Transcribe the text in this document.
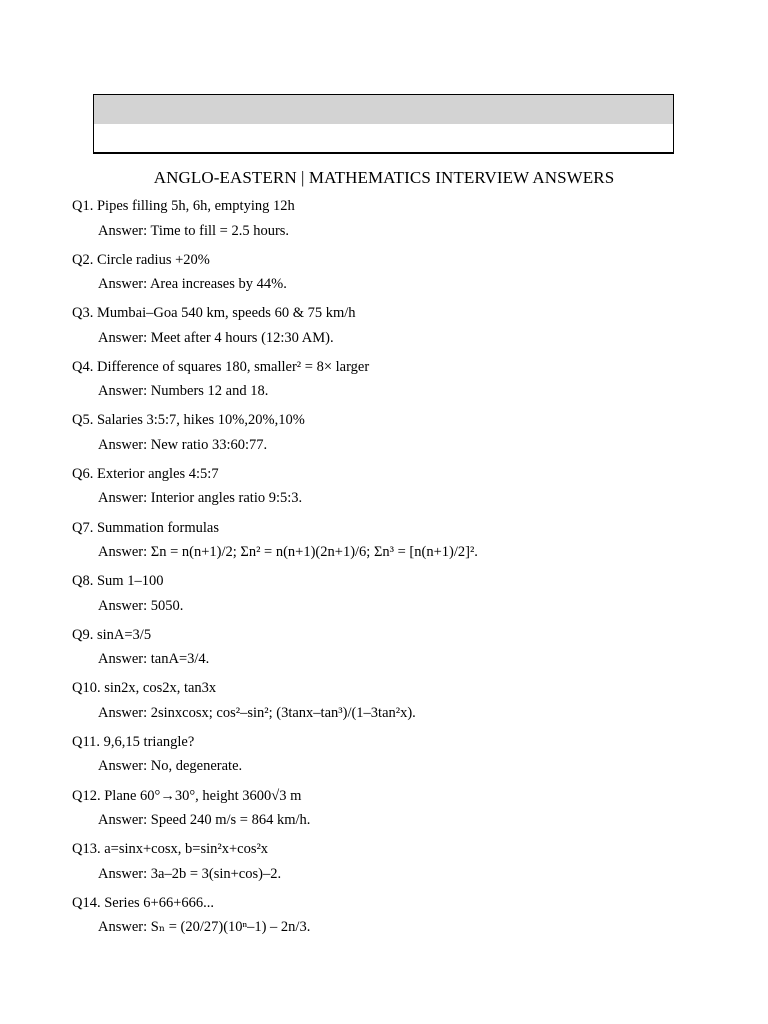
ANGLO-EASTERN | MATHEMATICS INTERVIEW ANSWERS
Q1. Pipes filling 5h, 6h, emptying 12h
Answer: Time to fill = 2.5 hours.
Q2. Circle radius +20%
Answer: Area increases by 44%.
Q3. Mumbai–Goa 540 km, speeds 60 & 75 km/h
Answer: Meet after 4 hours (12:30 AM).
Q4. Difference of squares 180, smaller² = 8× larger
Answer: Numbers 12 and 18.
Q5. Salaries 3:5:7, hikes 10%,20%,10%
Answer: New ratio 33:60:77.
Q6. Exterior angles 4:5:7
Answer: Interior angles ratio 9:5:3.
Q7. Summation formulas
Answer: Σn = n(n+1)/2; Σn² = n(n+1)(2n+1)/6; Σn³ = [n(n+1)/2]².
Q8. Sum 1–100
Answer: 5050.
Q9. sinA=3/5
Answer: tanA=3/4.
Q10. sin2x, cos2x, tan3x
Answer: 2sinxcosx; cos²–sin²; (3tanx–tan³)/(1–3tan²x).
Q11. 9,6,15 triangle?
Answer: No, degenerate.
Q12. Plane 60°→30°, height 3600√3 m
Answer: Speed 240 m/s = 864 km/h.
Q13. a=sinx+cosx, b=sin²x+cos²x
Answer: 3a–2b = 3(sin+cos)–2.
Q14. Series 6+66+666...
Answer: Sₙ = (20/27)(10ⁿ–1) – 2n/3.
